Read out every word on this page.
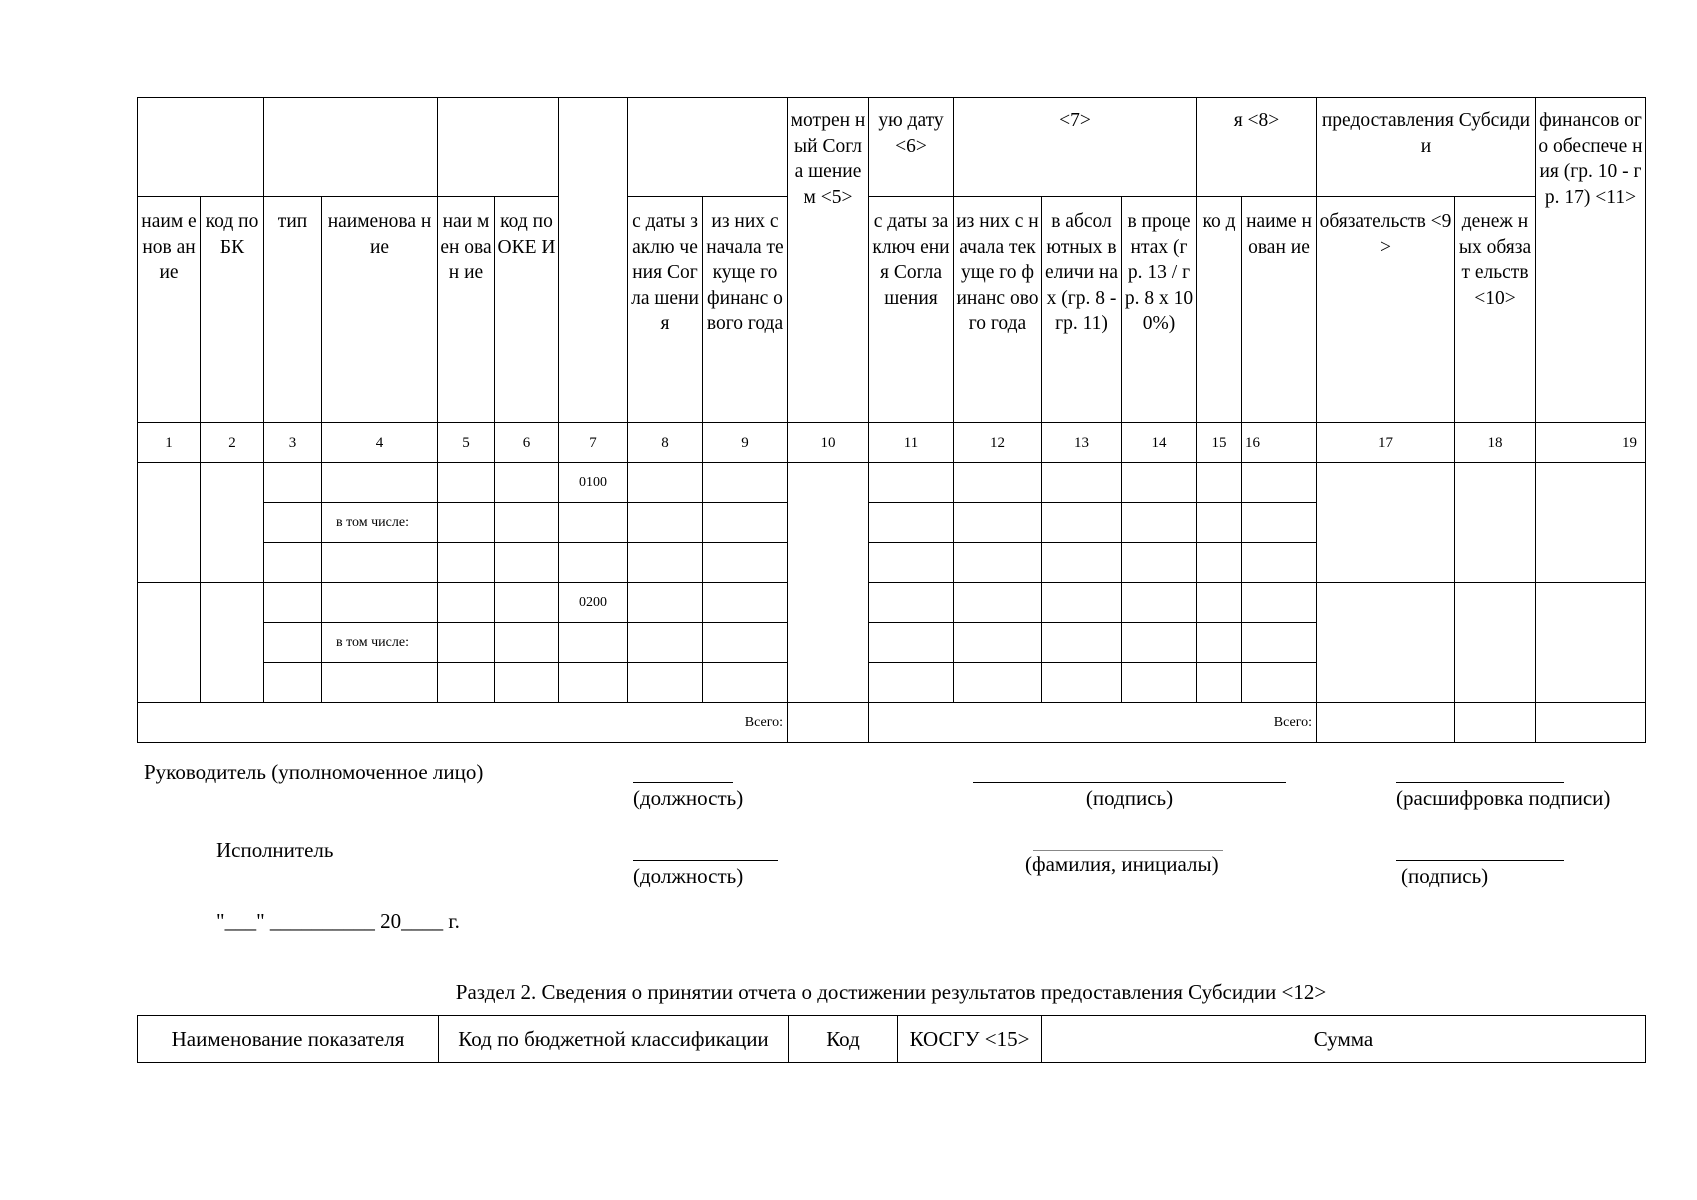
									мотрен ный Согла шение м <5>	ую дату <6>	<7>			я <8>		предоставления Субсидии		финансов ого обеспече ния (гр. 10 - гр. 17) <11>
наим енов ание	код по БК	тип	наименова ние	наи мен ован ие	код по ОКЕ И		с даты заклю чения Согла шения	из них с начала текуще го финанс ового года		с даты заключ ения Согла шения	из них с начала текуще го финанс ового года	в абсол ютных величи нах (гр. 8 - гр. 11)	в проце нтах (гр. 13 / гр. 8 x 100%)	ко д	наиме нован ие	обязательств <9>	денеж ных обязат ельств <10>	
1	2	3	4	5	6	7	8	9	10	11	12	13	14	15	16	17	18	19
						0100												
			в том числе:															

						0200												
			в том числе:															

Всего:										Всего:								
Руководитель (уполномоченное лицо)
(должность)	(подпись)	(расшифровка подписи)
Исполнитель
(должность)	(фамилия, инициалы)	(подпись)
"___" __________ 20____ г.
Раздел 2. Сведения о принятии отчета о достижении результатов предоставления Субсидии <12>
Наименование показателя	Код по бюджетной классификации	Код	КОСГУ <15>	Сумма
